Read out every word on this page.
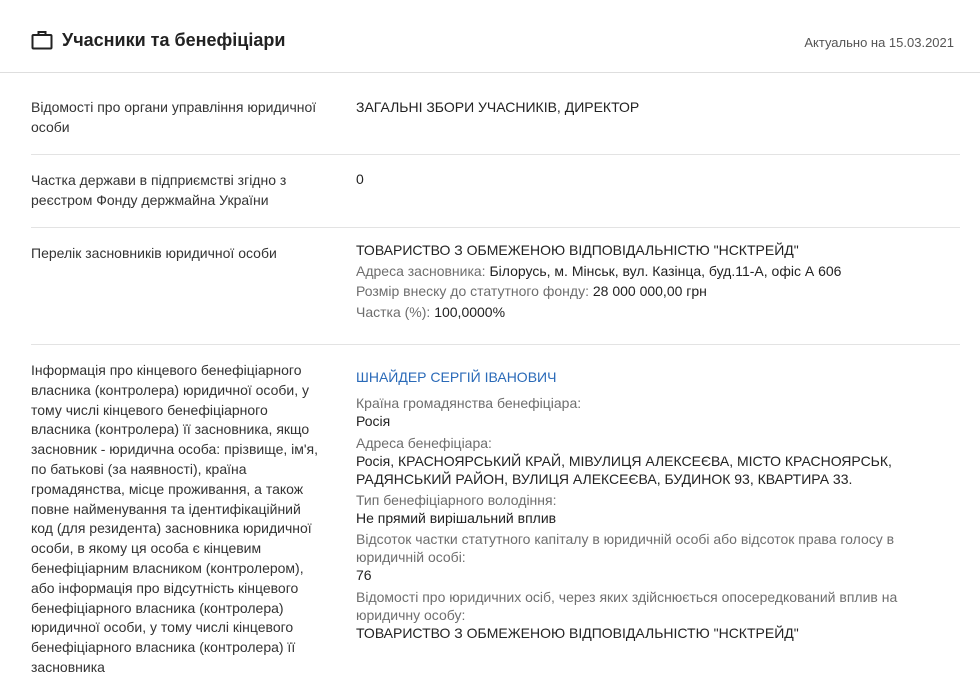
Учасники та бенефіціари	Актуально на 15.03.2021
Відомості про органи управління юридичної
особи
ЗАГАЛЬНІ ЗБОРИ УЧАСНИКІВ, ДИРЕКТОР
Частка держави в підприємстві згідно з
реєстром Фонду держмайна України
0
Перелік засновників юридичної особи	ТОВАРИСТВО З ОБМЕЖЕНОЮ ВІДПОВІДАЛЬНІСТЮ "НСКТРЕЙД"
Адреса засновника: Білорусь, м. Мінськ, вул. Казінца, буд.11-А, офіс А 606
Розмір внеску до статутного фонду: 28 000 000,00 грн
Частка (%): 100,0000%
Інформація про кінцевого бенефіціарного
власника (контролера) юридичної особи, у
тому числі кінцевого бенефіціарного
власника (контролера) її засновника, якщо
засновник - юридична особа: прізвище, ім'я,
по батькові (за наявності), країна
громадянства, місце проживання, а також
повне найменування та ідентифікаційний
код (для резидента) засновника юридичної
особи, в якому ця особа є кінцевим
бенефіціарним власником (контролером),
або інформація про відсутність кінцевого
бенефіціарного власника (контролера)
юридичної особи, у тому числі кінцевого
бенефіціарного власника (контролера) її
засновника
ШНАЙДЕР СЕРГІЙ ІВАНОВИЧ
Країна громадянства бенефіціара:
Росія
Адреса бенефіціара:
Росія, КРАСНОЯРСЬКИЙ КРАЙ, МІВУЛИЦЯ АЛЕКСЕЄВА, МІСТО КРАСНОЯРСЬК,
РАДЯНСЬКИЙ РАЙОН, ВУЛИЦЯ АЛЕКСЕЄВА, БУДИНОК 93, КВАРТИРА 33.
Тип бенефіціарного володіння:
Не прямий вирішальний вплив
Відсоток частки статутного капіталу в юридичній особі або відсоток права голосу в
юридичній особі:
76
Відомості про юридичних осіб, через яких здійснюється опосередкований вплив на
юридичну особу:
ТОВАРИСТВО З ОБМЕЖЕНОЮ ВІДПОВІДАЛЬНІСТЮ "НСКТРЕЙД"
